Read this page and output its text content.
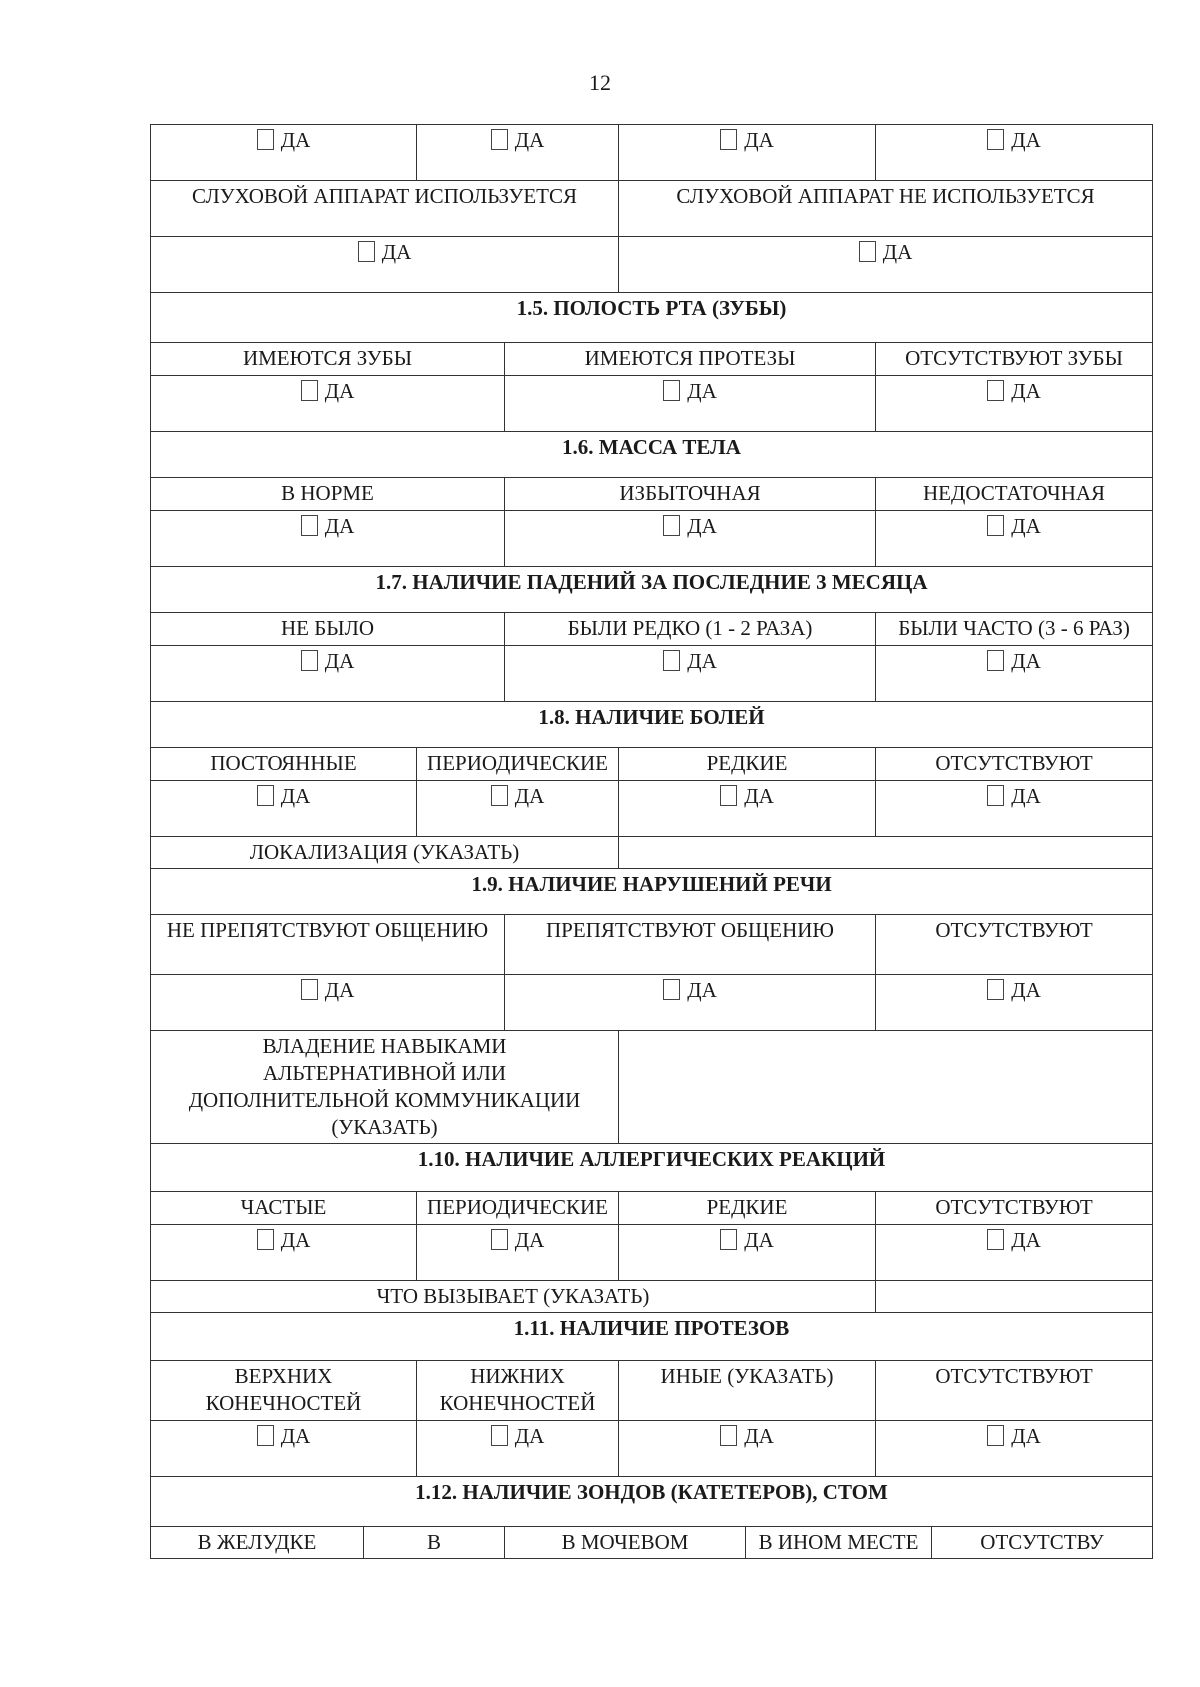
12
ДА		ДА		ДА		ДА	
СЛУХОВОЙ АППАРАТ ИСПОЛЬЗУЕТСЯ				СЛУХОВОЙ АППАРАТ НЕ ИСПОЛЬЗУЕТСЯ			
ДА				ДА			
1.5. ПОЛОСТЬ РТА (ЗУБЫ)							
ИМЕЮТСЯ ЗУБЫ			ИМЕЮТСЯ ПРОТЕЗЫ			ОТСУТСТВУЮТ ЗУБЫ	
ДА			ДА			ДА	
1.6. МАССА ТЕЛА							
В НОРМЕ			ИЗБЫТОЧНАЯ			НЕДОСТАТОЧНАЯ	
ДА			ДА			ДА	
1.7. НАЛИЧИЕ ПАДЕНИЙ ЗА ПОСЛЕДНИЕ 3 МЕСЯЦА							
НЕ БЫЛО			БЫЛИ РЕДКО (1 - 2 РАЗА)			БЫЛИ ЧАСТО (3 - 6 РАЗ)	
ДА			ДА			ДА	
1.8. НАЛИЧИЕ БОЛЕЙ							
ПОСТОЯННЫЕ		ПЕРИОДИЧЕСКИЕ		РЕДКИЕ		ОТСУТСТВУЮТ	
ДА		ДА		ДА		ДА	
ЛОКАЛИЗАЦИЯ (УКАЗАТЬ)							
1.9. НАЛИЧИЕ НАРУШЕНИЙ РЕЧИ							
НЕ ПРЕПЯТСТВУЮТ ОБЩЕНИЮ			ПРЕПЯТСТВУЮТ ОБЩЕНИЮ			ОТСУТСТВУЮТ	
ДА			ДА			ДА	
ВЛАДЕНИЕ НАВЫКАМИ АЛЬТЕРНАТИВНОЙ ИЛИ ДОПОЛНИТЕЛЬНОЙ КОММУНИКАЦИИ (УКАЗАТЬ)							
1.10. НАЛИЧИЕ АЛЛЕРГИЧЕСКИХ РЕАКЦИЙ							
ЧАСТЫЕ		ПЕРИОДИЧЕСКИЕ		РЕДКИЕ		ОТСУТСТВУЮТ	
ДА		ДА		ДА		ДА	
ЧТО ВЫЗЫВАЕТ (УКАЗАТЬ)							
1.11. НАЛИЧИЕ ПРОТЕЗОВ							
ВЕРХНИХ КОНЕЧНОСТЕЙ		НИЖНИХ КОНЕЧНОСТЕЙ		ИНЫЕ (УКАЗАТЬ)		ОТСУТСТВУЮТ	
ДА		ДА		ДА		ДА	
1.12. НАЛИЧИЕ ЗОНДОВ (КАТЕТЕРОВ), СТОМ							
В ЖЕЛУДКЕ	В		В МОЧЕВОМ		В ИНОМ МЕСТЕ		ОТСУТСТВУ
